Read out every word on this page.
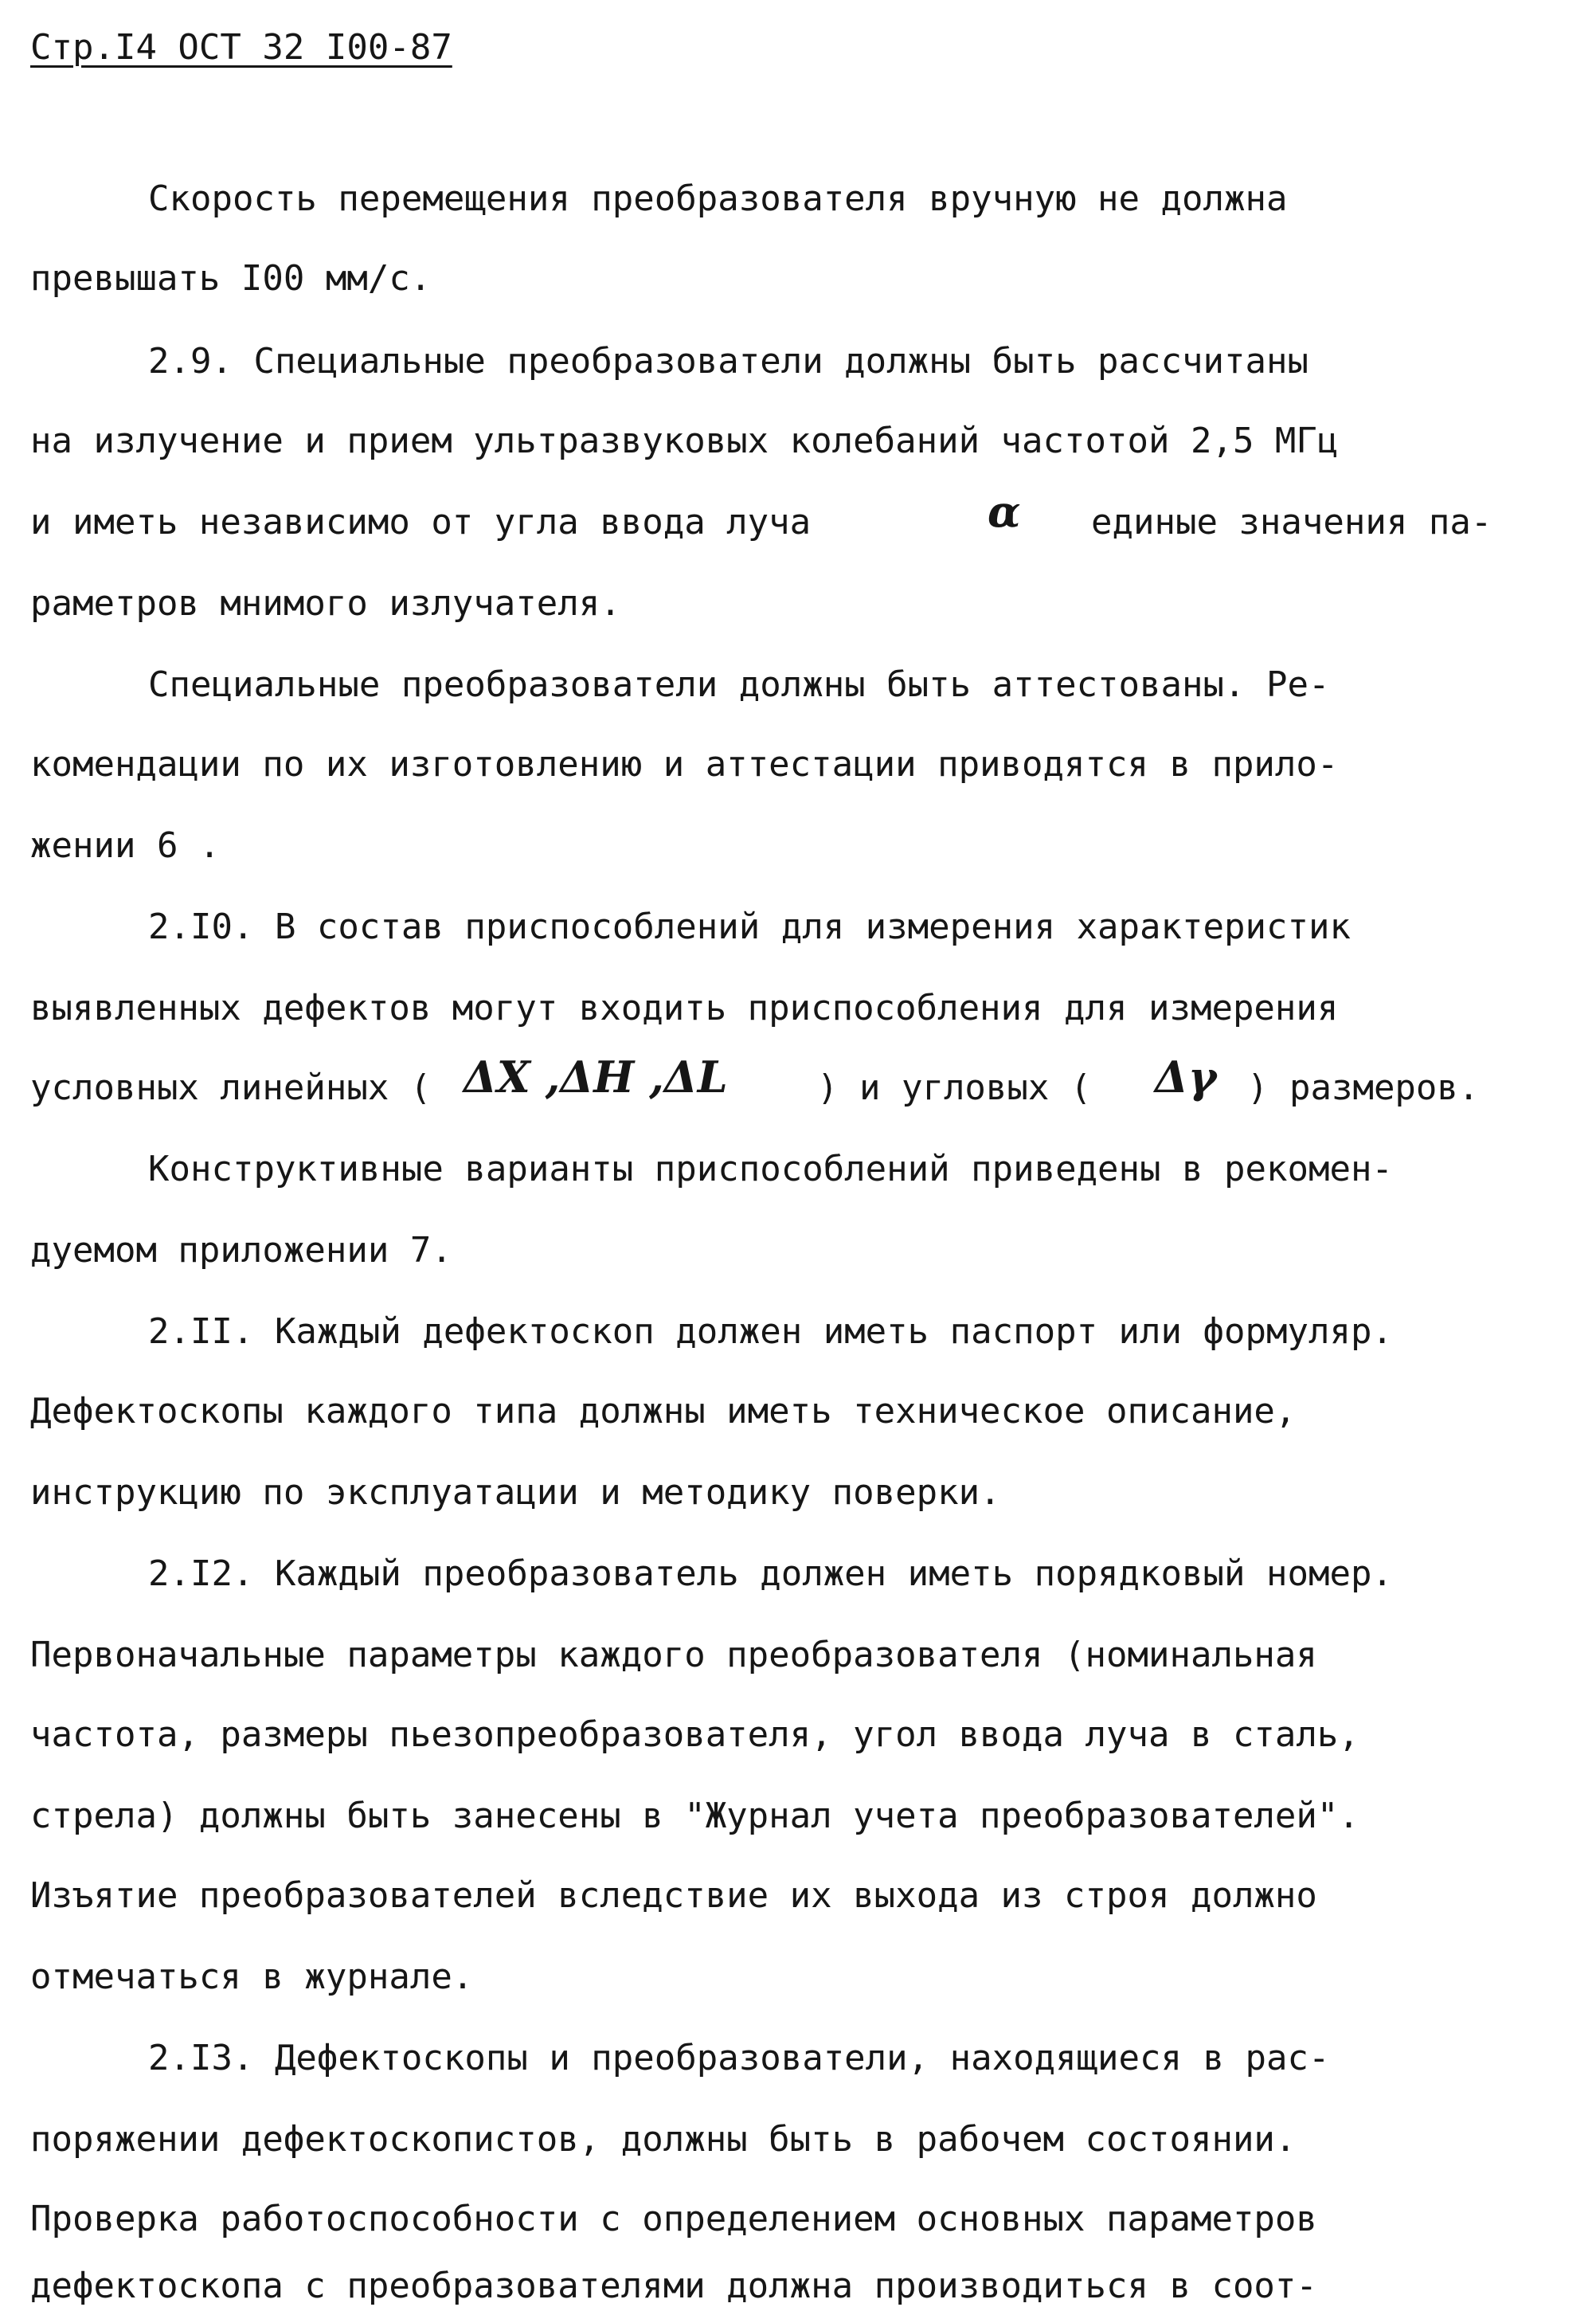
Стр.I4 ОСТ 32 I00-87
Скорость перемещения преобразователя вручную не должна
превышать I00 мм/с.
2.9. Специальные преобразователи должны быть рассчитаны
на излучение и прием ультразвуковых колебаний частотой 2,5 МГц
и иметь независимо от угла ввода луча	α единые значения па-
раметров мнимого излучателя.
Специальные преобразователи должны быть аттестованы. Ре-
комендации по их изготовлению и аттестации приводятся в прило-
жении 6 .
2.I0. В состав приспособлений для измерения характеристик
выявленных дефектов могут входить приспособления для измерения
условных линейных ( ΔX ,ΔH ,ΔL	) и угловых ( Δγ ) размеров.
Конструктивные варианты приспособлений приведены в рекомен-
дуемом приложении 7.
2.II. Каждый дефектоскоп должен иметь паспорт или формуляр.
Дефектоскопы каждого типа должны иметь техническое описание,
инструкцию по эксплуатации и методику поверки.
2.I2. Каждый преобразователь должен иметь порядковый номер.
Первоначальные параметры каждого преобразователя (номинальная
частота, размеры пьезопреобразователя, угол ввода луча в сталь,
стрела) должны быть занесены в "Журнал учета преобразователей".
Изъятие преобразователей вследствие их выхода из строя должно
отмечаться в журнале.
2.I3. Дефектоскопы и преобразователи, находящиеся в рас-
поряжении дефектоскопистов, должны быть в рабочем состоянии.
Проверка работоспособности с определением основных параметров
дефектоскопа с преобразователями должна производиться в соот-
